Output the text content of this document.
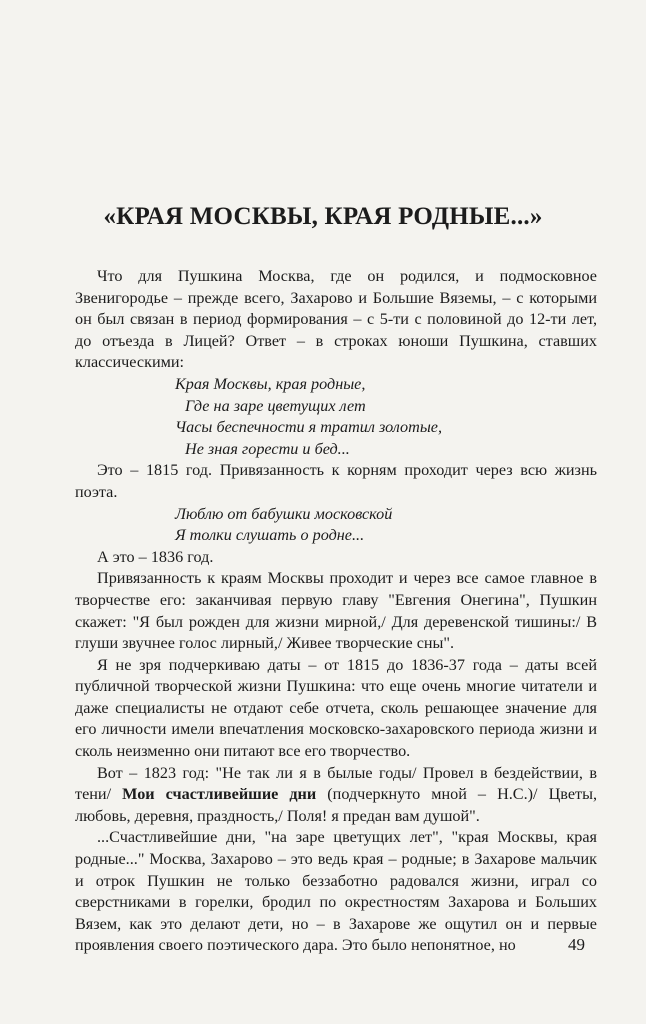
«КРАЯ МОСКВЫ, КРАЯ РОДНЫЕ...»

Что для Пушкина Москва, где он родился, и подмосковное Звенигородье – прежде всего, Захарово и Большие Вяземы, – с которыми он был связан в период формирования – с 5-ти с половиной до 12-ти лет, до отъезда в Лицей? Ответ – в строках юноши Пушкина, ставших классическими:

Края Москвы, края родные,
Где на заре цветущих лет
Часы беспечности я тратил золотые,
Не зная горести и бед...

Это – 1815 год. Привязанность к корням проходит через всю жизнь поэта.

Люблю от бабушки московской
Я толки слушать о родне...

А это – 1836 год.

Привязанность к краям Москвы проходит и через все самое главное в творчестве его: заканчивая первую главу "Евгения Онегина", Пушкин скажет: "Я был рожден для жизни мирной,/ Для деревенской тишины:/ В глуши звучнее голос лирный,/ Живее творческие сны".

Я не зря подчеркиваю даты – от 1815 до 1836-37 года – даты всей публичной творческой жизни Пушкина: что еще очень многие читатели и даже специалисты не отдают себе отчета, сколь решающее значение для его личности имели впечатления московско-захаровского периода жизни и сколь неизменно они питают все его творчество.

Вот – 1823 год: "Не так ли я в былые годы/ Провел в бездействии, в тени/ Мои счастливейшие дни (подчеркнуто мной – Н.С.)/ Цветы, любовь, деревня, праздность,/ Поля! я предан вам душой".

...Счастливейшие дни, "на заре цветущих лет", "края Москвы, края родные..." Москва, Захарово – это ведь края – родные; в Захарове мальчик и отрок Пушкин не только беззаботно радовался жизни, играл со сверстниками в горелки, бродил по окрестностям Захарова и Больших Вязем, как это делают дети, но – в Захарове же ощутил он и первые проявления своего поэтического дара. Это было непонятное, но	49
